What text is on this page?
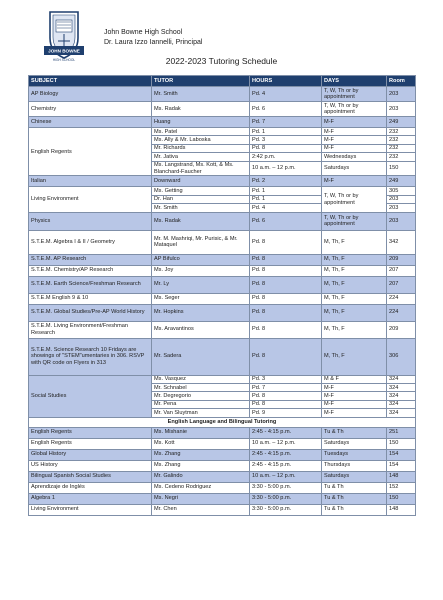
JOHN BOWNE
HIGH SCHOOL
John Bowne High School
Dr. Laura Izzo Iannelli, Principal
2022-2023 Tutoring Schedule
SUBJECT	TUTOR	HOURS	DAYS	Room
AP Biology	Mr. Smith	Pd. 4	T, W, Th or by appointment	203
Chemistry	Ms. Radak	Pd. 6	T, W, Th or by appointment	203
Chinese	Huang	Pd. 7	M-F	249
English Regents	Ms. Patel	Pd. 1	M-F	232
	Ms. Ally & Mr. Laboska	Pd. 3	M-F	232
	Mr. Richards	Pd. 8	M-F	232
	Mr. Jativa	2:42 p.m.	Wednesdays	232
	Ms. Langstrand, Ms. Kott, & Ms. Blanchard-Faucher	10 a.m. – 12 p.m.	Saturdays	150
Italian	Downward	Pd. 2	M-F	249
Living Environment	Ms. Getting	Pd. 1	T, W, Th or by appointment	305
	Dr. Han	Pd. 1		203
	Mr. Smith	Pd. 4		203
Physics	Ms. Radak	Pd. 6	T, W, Th or by appointment	203
S.T.E.M. Algebra I & II / Geometry	Mr. M. Mashriqi, Mr. Purisic, & Mr. Mataquel	Pd. 8	M, Th, F	342
S.T.E.M. AP Research	AP Bifulco	Pd. 8	M, Th, F	209
S.T.E.M. Chemistry/AP Research	Ms. Joy	Pd. 8	M, Th, F	207
S.T.E.M. Earth Science/Freshman Research	Mr. Ly	Pd. 8	M, Th, F	207
S.T.E.M English 9 & 10	Ms. Seger	Pd. 8	M, Th, F	224
S.T.E.M. Global Studies/Pre-AP World History	Mr. Hopkins	Pd. 8	M, Th, F	224
S.T.E.M. Living Environment/Freshman Research	Ms. Aravantinos	Pd. 8	M, Th, F	209
S.T.E.M. Science Research 10 Fridays are showings of "STEM"umentaries in 306. RSVP with QR code on Flyers in 313	Mr. Sadera	Pd. 8	M, Th, F	306
Social Studies	Ms. Vasquez	Pd. 3	M & F	324
	Mr. Schnabel	Pd. 7	M-F	324
	Mr. Degregorio	Pd. 8	M-F	324
	Mr. Pena	Pd. 8	M-F	324
	Mr. Van Sluytman	Pd. 9	M-F	324
English Language and Bilingual Tutoring				
English Regents	Ms. Mishanie	2:45 - 4:15 p.m.	Tu & Th	251
English Regents	Ms. Kott	10 a.m. – 12 p.m.	Saturdays	150
Global History	Ms. Zhang	2:45 - 4:15 p.m.	Tuesdays	154
US History	Ms. Zhang	2:45 - 4:15 p.m.	Thursdays	154
Bilingual Spanish Social Studies	Mr. Galindo	10 a.m. – 12 p.m.	Saturdays	148
Aprendizaje de Inglés	Ms. Cedeno Rodriguez	3:30 - 5:00 p.m.	Tu & Th	152
Algebra 1	Ms. Negri	3:30 - 5:00 p.m.	Tu & Th	150
Living Environment	Mr. Chen	3:30 - 5:00 p.m.	Tu & Th	148
